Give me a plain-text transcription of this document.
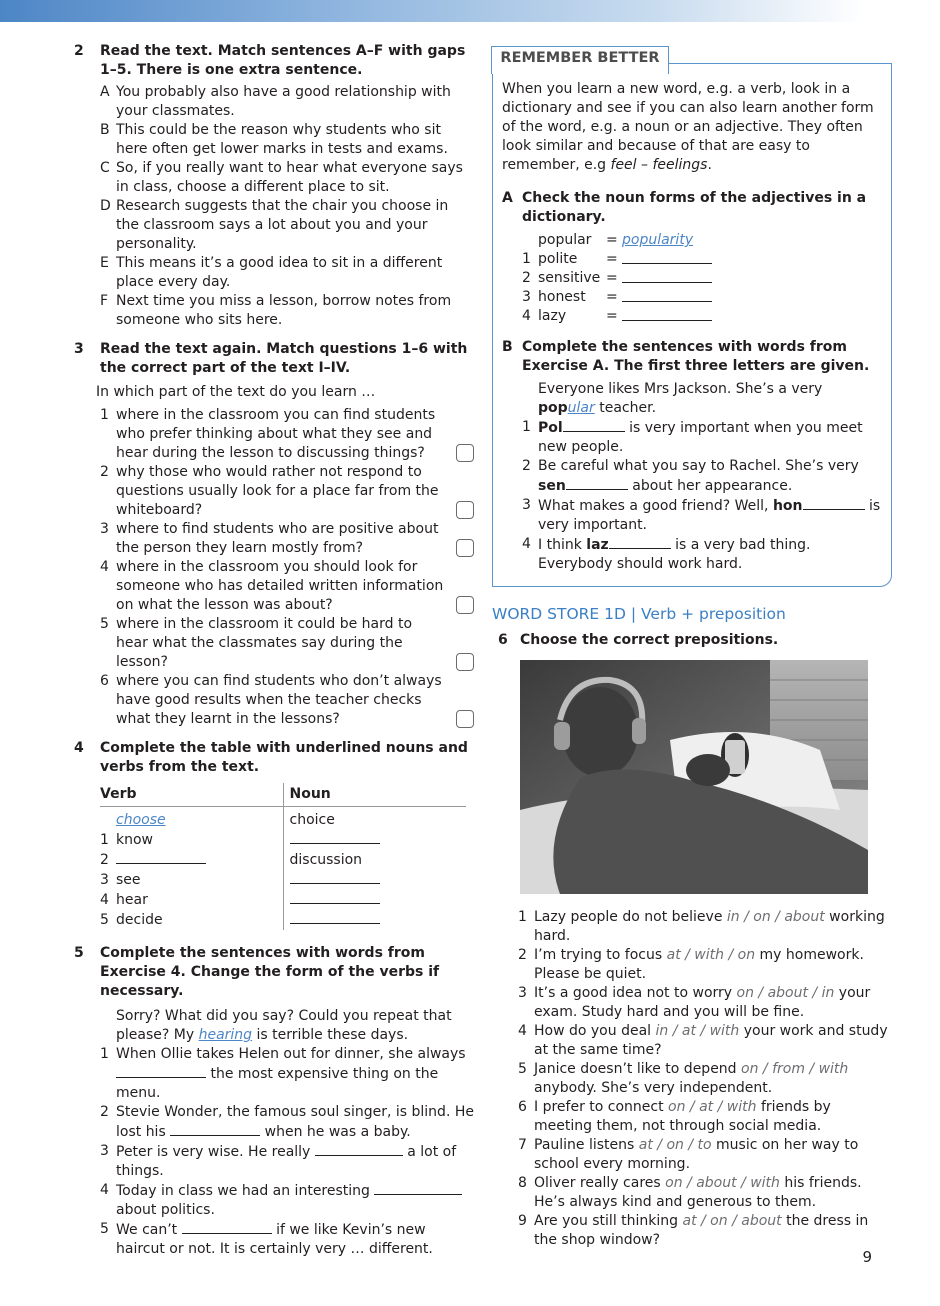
2	Read the text. Match sentences A–F with gaps 1–5. There is one extra sentence.
A You probably also have a good relationship with your classmates.
B This could be the reason why students who sit here often get lower marks in tests and exams.
C So, if you really want to hear what everyone says in class, choose a different place to sit.
D Research suggests that the chair you choose in the classroom says a lot about you and your personality.
E This means it’s a good idea to sit in a different place every day.
F Next time you miss a lesson, borrow notes from someone who sits here.
3	Read the text again. Match questions 1–6 with the correct part of the text I–IV.
In which part of the text do you learn …
1 where in the classroom you can find students who prefer thinking about what they see and hear during the lesson to discussing things?
2 why those who would rather not respond to questions usually look for a place far from the whiteboard?
3 where to find students who are positive about the person they learn mostly from?
4 where in the classroom you should look for someone who has detailed written information on what the lesson was about?
5 where in the classroom it could be hard to hear what the classmates say during the lesson?
6 where you can find students who don’t always have good results when the teacher checks what they learnt in the lessons?
4	Complete the table with underlined nouns and verbs from the text.
Verb	Noun
choose	choice
1 know	
2	discussion
3 see	
4 hear	
5 decide	
5	Complete the sentences with words from Exercise 4. Change the form of the verbs if necessary.
Sorry? What did you say? Could you repeat that please? My hearing is terrible these days.
1 When Ollie takes Helen out for dinner, she always  the most expensive thing on the menu.
2 Stevie Wonder, the famous soul singer, is blind. He lost his	when he was a baby.
3 Peter is very wise. He really	a lot of things.
4 Today in class we had an interesting  about politics.
5 We can’t	if we like Kevin’s new haircut or not. It is certainly very … different.
REMEMBER BETTER
When you learn a new word, e.g. a verb, look in a dictionary and see if you can also learn another form of the word, e.g. a noun or an adjective. They often look similar and because of that are easy to remember, e.g feel – feelings.
A Check the noun forms of the adjectives in a dictionary.
popular	= popularity
1 polite	=
2 sensitive =
3 honest	=
4 lazy	=
B Complete the sentences with words from Exercise A. The first three letters are given.
Everyone likes Mrs Jackson. She’s a very popular teacher.
1 Pol	is very important when you meet new people.
2 Be careful what you say to Rachel. She’s very sen	about her appearance.
3 What makes a good friend? Well, hon	is very important.
4 I think laz	is a very bad thing. Everybody should work hard.
WORD STORE 1D | Verb + preposition
6 Choose the correct prepositions.
1 Lazy people do not believe in / on / about working hard.
2 I’m trying to focus at / with / on my homework. Please be quiet.
3 It’s a good idea not to worry on / about / in your exam. Study hard and you will be fine.
4 How do you deal in / at / with your work and study at the same time?
5 Janice doesn’t like to depend on / from / with anybody. She’s very independent.
6 I prefer to connect on / at / with friends by meeting them, not through social media.
7 Pauline listens at / on / to music on her way to school every morning.
8 Oliver really cares on / about / with his friends. He’s always kind and generous to them.
9 Are you still thinking at / on / about the dress in the shop window?
9
